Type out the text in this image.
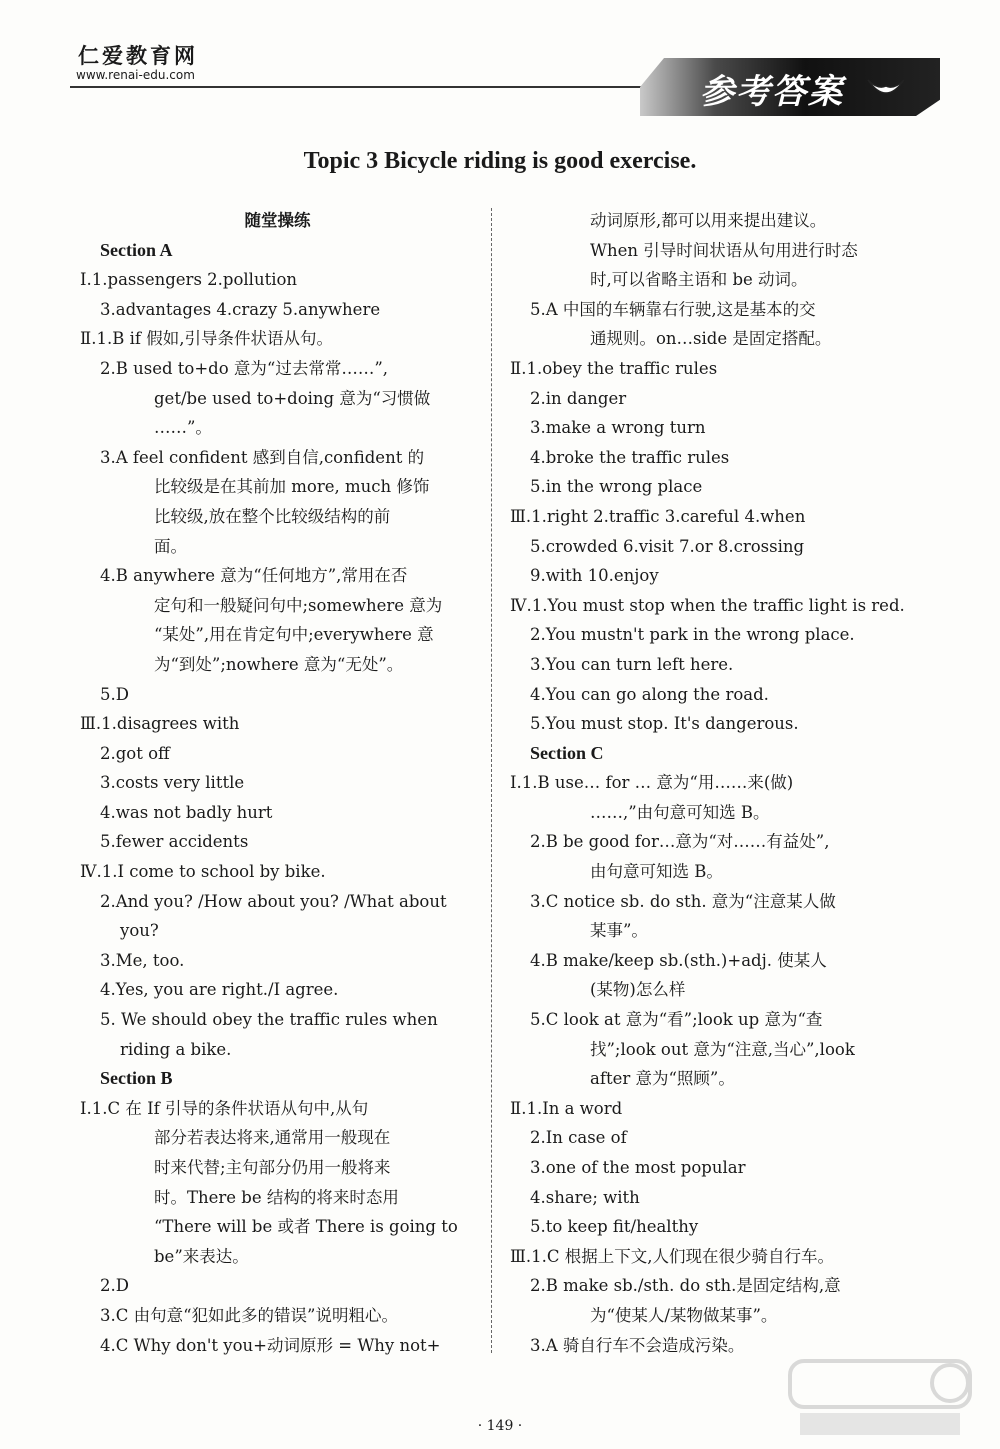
仁爱教育网
www.renai-edu.com	参考答案
Topic 3 Bicycle riding is good exercise.
随堂操练
Section A
Ⅰ.1.passengers 2.pollution
3.advantages 4.crazy 5.anywhere
Ⅱ.1.B if 假如,引导条件状语从句。
2.B used to+do 意为“过去常常……”,
get/be used to+doing 意为“习惯做
……”。
3.A feel confident 感到自信,confident 的
比较级是在其前加 more, much 修饰
比较级,放在整个比较级结构的前
面。
4.B anywhere 意为“任何地方”,常用在否
定句和一般疑问句中;somewhere 意为
“某处”,用在肯定句中;everywhere 意
为“到处”;nowhere 意为“无处”。
5.D
Ⅲ.1.disagrees with
2.got off
3.costs very little
4.was not badly hurt
5.fewer accidents
Ⅳ.1.I come to school by bike.
2.And you? /How about you? /What about
you?
3.Me, too.
4.Yes, you are right./I agree.
5. We should obey the traffic rules when
riding a bike.
Section B
Ⅰ.1.C 在 If 引导的条件状语从句中,从句
部分若表达将来,通常用一般现在
时来代替;主句部分仍用一般将来
时。There be 结构的将来时态用
“There will be 或者 There is going to
be”来表达。
2.D
3.C 由句意“犯如此多的错误”说明粗心。
4.C Why don't you+动词原形 = Why not+
动词原形,都可以用来提出建议。
When 引导时间状语从句用进行时态
时,可以省略主语和 be 动词。
5.A 中国的车辆靠右行驶,这是基本的交
通规则。on…side 是固定搭配。
Ⅱ.1.obey the traffic rules
2.in danger
3.make a wrong turn
4.broke the traffic rules
5.in the wrong place
Ⅲ.1.right 2.traffic 3.careful 4.when
5.crowded 6.visit 7.or 8.crossing
9.with 10.enjoy
Ⅳ.1.You must stop when the traffic light is red.
2.You mustn't park in the wrong place.
3.You can turn left here.
4.You can go along the road.
5.You must stop. It's dangerous.
Section C
Ⅰ.1.B use… for … 意为“用……来(做)
……,”由句意可知选 B。
2.B be good for…意为“对……有益处”,
由句意可知选 B。
3.C notice sb. do sth. 意为“注意某人做
某事”。
4.B make/keep sb.(sth.)+adj. 使某人
(某物)怎么样
5.C look at 意为“看”;look up 意为“查
找”;look out 意为“注意,当心”,look
after 意为“照顾”。
Ⅱ.1.In a word
2.In case of
3.one of the most popular
4.share; with
5.to keep fit/healthy
Ⅲ.1.C 根据上下文,人们现在很少骑自行车。
2.B make sb./sth. do sth.是固定结构,意
为“使某人/某物做某事”。
3.A 骑自行车不会造成污染。
· 149 ·
